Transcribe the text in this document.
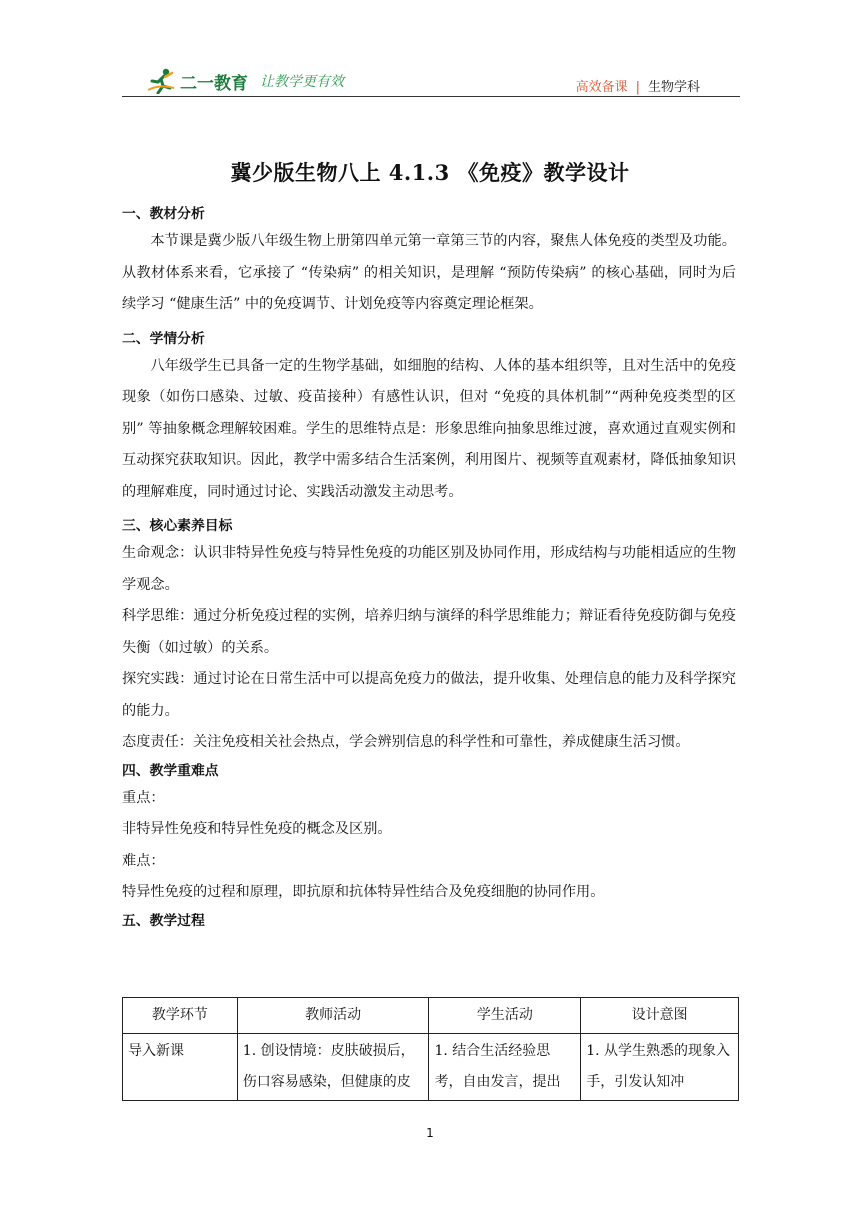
二一教育 让教学更有效	高效备课 | 生物学科
冀少版生物八上 4.1.3 《免疫》教学设计
一、教材分析

本节课是冀少版八年级生物上册第四单元第一章第三节的内容，聚焦人体免疫的类型及功能。从教材体系来看，它承接了 “传染病” 的相关知识，是理解 “预防传染病” 的核心基础，同时为后续学习 “健康生活” 中的免疫调节、计划免疫等内容奠定理论框架。

二、学情分析

八年级学生已具备一定的生物学基础，如细胞的结构、人体的基本组织等，且对生活中的免疫现象（如伤口感染、过敏、疫苗接种）有感性认识，但对 “免疫的具体机制”“两种免疫类型的区别” 等抽象概念理解较困难。学生的思维特点是：形象思维向抽象思维过渡，喜欢通过直观实例和互动探究获取知识。因此，教学中需多结合生活案例，利用图片、视频等直观素材，降低抽象知识的理解难度，同时通过讨论、实践活动激发主动思考。

三、核心素养目标

生命观念：认识非特异性免疫与特异性免疫的功能区别及协同作用，形成结构与功能相适应的生物学观念。

科学思维：通过分析免疫过程的实例，培养归纳与演绎的科学思维能力；辩证看待免疫防御与免疫失衡（如过敏）的关系。

探究实践：通过讨论在日常生活中可以提高免疫力的做法，提升收集、处理信息的能力及科学探究的能力。

态度责任：关注免疫相关社会热点，学会辨别信息的科学性和可靠性，养成健康生活习惯。

四、教学重难点

重点：

非特异性免疫和特异性免疫的概念及区别。

难点：

特异性免疫的过程和原理，即抗原和抗体特异性结合及免疫细胞的协同作用。

五、教学过程
教学环节	教师活动	学生活动	设计意图
导入新课	1. 创设情境：皮肤破损后，伤口容易感染，但健康的皮	1. 结合生活经验思考，自由发言，提出	1. 从学生熟悉的现象入手，引发认知冲
1
